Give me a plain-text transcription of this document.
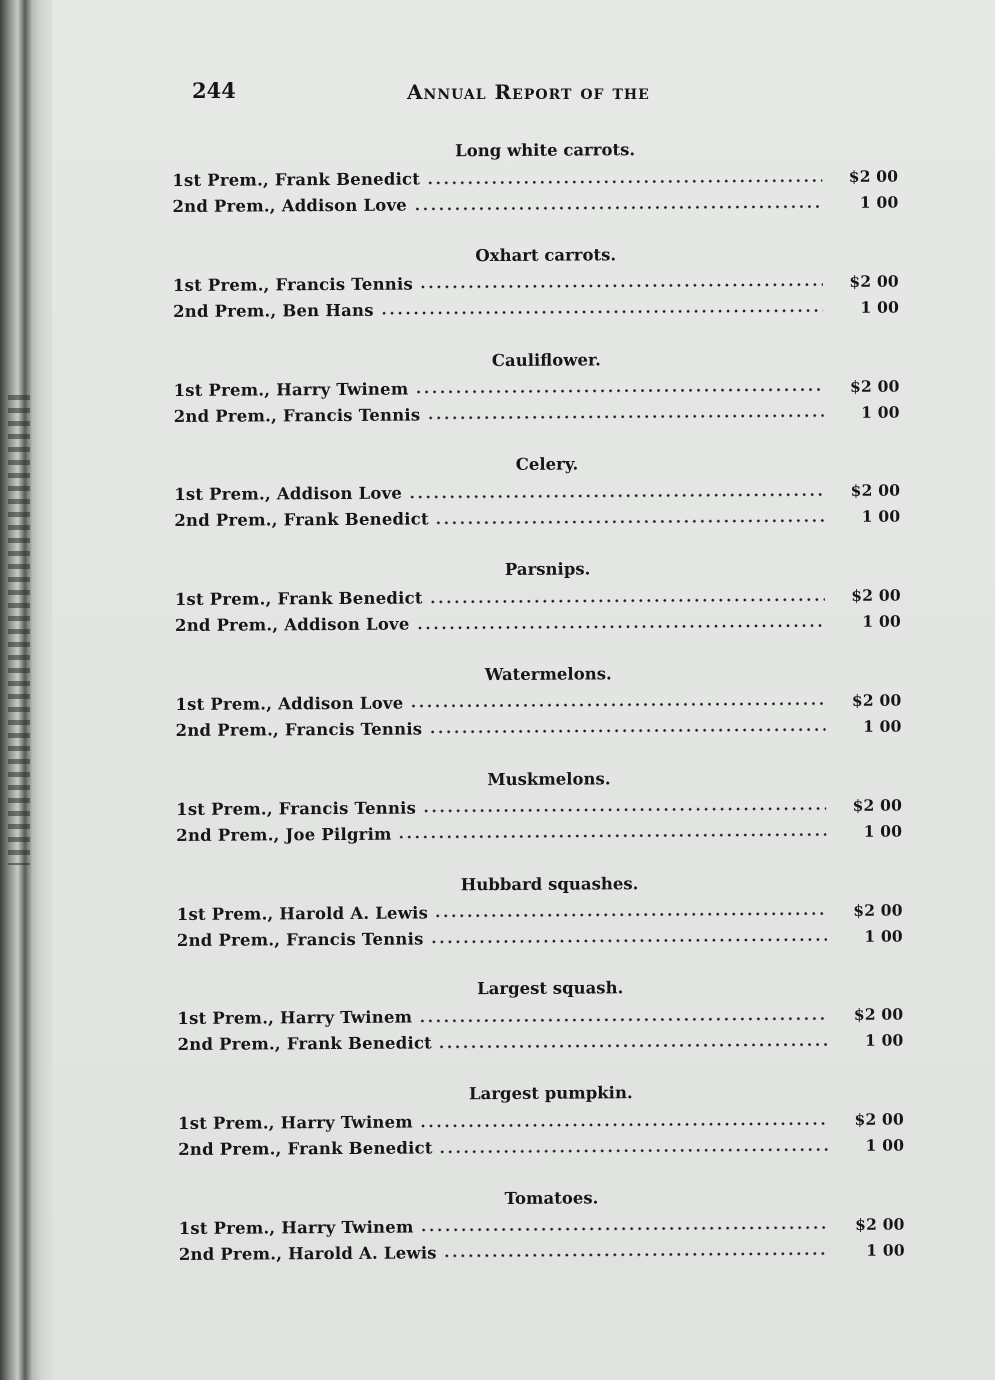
244	Annual Report of the
Long white carrots.
1st Prem., Frank Benedict	$2 00
2nd Prem., Addison Love	1 00
Oxhart carrots.
1st Prem., Francis Tennis	$2 00
2nd Prem., Ben Hans	1 00
Cauliflower.
1st Prem., Harry Twinem	$2 00
2nd Prem., Francis Tennis	1 00
Celery.
1st Prem., Addison Love	$2 00
2nd Prem., Frank Benedict	1 00
Parsnips.
1st Prem., Frank Benedict	$2 00
2nd Prem., Addison Love	1 00
Watermelons.
1st Prem., Addison Love	$2 00
2nd Prem., Francis Tennis	1 00
Muskmelons.
1st Prem., Francis Tennis	$2 00
2nd Prem., Joe Pilgrim	1 00
Hubbard squashes.
1st Prem., Harold A. Lewis	$2 00
2nd Prem., Francis Tennis	1 00
Largest squash.
1st Prem., Harry Twinem	$2 00
2nd Prem., Frank Benedict	1 00
Largest pumpkin.
1st Prem., Harry Twinem	$2 00
2nd Prem., Frank Benedict	1 00
Tomatoes.
1st Prem., Harry Twinem	$2 00
2nd Prem., Harold A. Lewis	1 00
